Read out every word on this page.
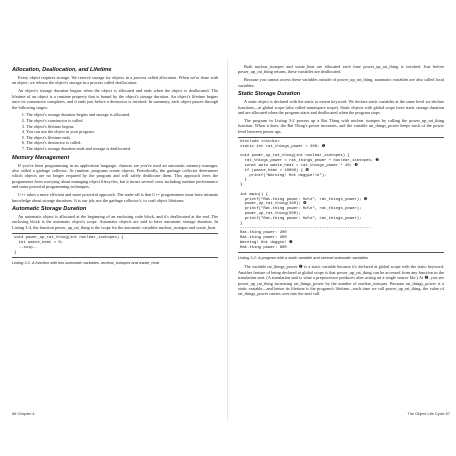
Allocation, Deallocation, and Lifetime

Every object requires storage. We reserve storage for objects in a process called allocation. When we're done with an object, we release the object's storage in a process called deallocation.

An object's storage duration begins when the object is allocated and ends when the object is deallocated. The lifetime of an object is a runtime property that is bound by the object's storage duration. An object's lifetime begins once its constructor completes, and it ends just before a destructor is invoked. In summary, each object passes through the following stages:

1. The object's storage duration begins and storage is allocated.
2. The object's constructor is called.
3. The object's lifetime begins.
4. You can use the object in your program.
5. The object's lifetime ends.
6. The object's destructor is called.
7. The object's storage duration ends and storage is deallocated.
Memory Management

If you've been programming in an application language, chances are you've used an automatic memory manager, also called a garbage collector. At runtime, programs create objects. Periodically, the garbage collector determines which objects are no longer required by the program and will safely deallocate them. This approach frees the programmer from worrying about managing object lifecycles, but it incurs several costs including runtime performance and some powerful programming techniques.

C++ takes a more efficient and more powerful approach. The trade-off is that C++ programmers must have intimate knowledge about storage durations. It is our job, not the garbage collector's, to craft object lifetimes.

Automatic Storage Duration

An automatic object is allocated at the beginning of an enclosing code block, and it's deallocated at the end. The enclosing block is the automatic object's scope. Automatic objects are said to have automatic storage duration. In Listing 3-4, the function power_up_rat_thing is the scope for the automatic variables nuclear_isotopes and waste_heat.

void power_up_rat_thing(int nuclear_isotopes) {
int waste_heat = 0;
--snip--
}
Listing 3-1: A function with two automatic variables, nuclear_isotopes and waste_heat

Both nuclear_isotopes and waste_heat are allocated each time power_up_rat_thing is invoked. Just before power_up_rat_thing returns, these variables are deallocated.

Because you cannot access these variables outside of power_up_rat_thing, automatic variables are also called local variables.

Static Storage Duration

A static object is declared with the static or extern keyword. We declare static variables at the same level we declare functions—at global scope (also called namespace scope). Static objects with global scope have static storage duration and are allocated when the program starts and deallocated when the program stops.

The program in Listing 3-2 powers up a Rat Thing with nuclear isotopes by calling the power_up_rat_thing function. When it does, the Rat Thing's power increases, and the variable rat_things_power keeps track of the power level between power ups.

#include <cstdio>
static int rat_things_power = 200; ❶

void power_up_rat_thing(int nuclear_isotopes) {
rat_things_power = rat_things_power + nuclear_isotopes; ❷
const auto waste_heat = rat_things_power * 20; ❸
if (waste_heat > 10000) { ❹
printf("Warning! Hot doggie!\n");
}
}

int main() {
printf("Rat-thing power: %d\n", rat_things_power); ❺
power_up_rat_thing(100); ❻
printf("Rat-thing power: %d\n", rat_things_power);
power_up_rat_thing(500);
printf("Rat-thing power: %d\n", rat_things_power);
}
--------------------------------------------------------
Rat-thing power: 200
Rat-thing power: 300
Warning! Hot doggie! ❼
Rat-thing power: 800
Listing 3-2: A program with a static variable and several automatic variables

The variable rat_things_power ❶ is a static variable because it's declared at global scope with the static keyword. Another feature of being declared at global scope is that power_up_rat_thing can be accessed from any function in the translation unit. (A translation unit is what a preprocessor produces after acting on a single source file.) At ❷, you see power_up_rat_thing increasing rat_things_power by the number of nuclear_isotopes. Because rat_things_power is a static variable—and hence its lifetime is the program's lifetime—each time we call power_up_rat_thing, the value of rat_things_power carries over into the next call.

66 Chapter 4	The Object Life Cycle 67
